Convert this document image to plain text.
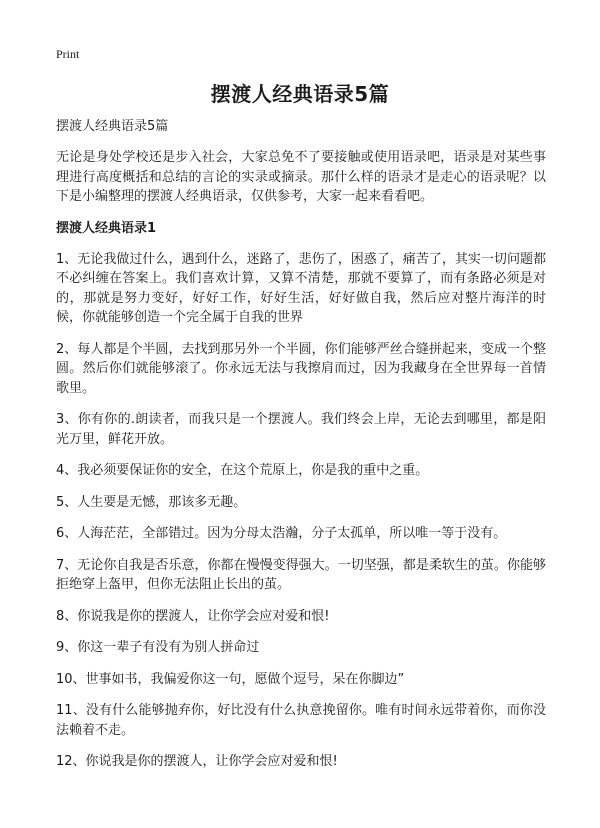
Print
摆渡人经典语录5篇

摆渡人经典语录5篇

无论是身处学校还是步入社会，大家总免不了要接触或使用语录吧，语录是对某些事理进行高度概括和总结的言论的实录或摘录。那什么样的语录才是走心的语录呢？以下是小编整理的摆渡人经典语录，仅供参考，大家一起来看看吧。

摆渡人经典语录1

1、无论我做过什么，遇到什么，迷路了，悲伤了，困惑了，痛苦了，其实一切问题都不必纠缠在答案上。我们喜欢计算，又算不清楚，那就不要算了，而有条路必须是对的，那就是努力变好，好好工作，好好生活，好好做自我，然后应对整片海洋的时候，你就能够创造一个完全属于自我的世界

2、每人都是个半圆，去找到那另外一个半圆，你们能够严丝合缝拼起来，变成一个整圆。然后你们就能够滚了。你永远无法与我擦肩而过，因为我藏身在全世界每一首情歌里。

3、你有你的.朗读者，而我只是一个摆渡人。我们终会上岸，无论去到哪里，都是阳光万里，鲜花开放。

4、我必须要保证你的安全，在这个荒原上，你是我的重中之重。

5、人生要是无憾，那该多无趣。

6、人海茫茫，全部错过。因为分母太浩瀚，分子太孤单，所以唯一等于没有。

7、无论你自我是否乐意，你都在慢慢变得强大。一切坚强，都是柔软生的茧。你能够拒绝穿上盔甲，但你无法阻止长出的茧。

8、你说我是你的摆渡人，让你学会应对爱和恨!

9、你这一辈子有没有为别人拼命过

10、世事如书，我偏爱你这一句，愿做个逗号，呆在你脚边”

11、没有什么能够抛弃你，好比没有什么执意挽留你。唯有时间永远带着你，而你没法赖着不走。

12、你说我是你的摆渡人，让你学会应对爱和恨!
